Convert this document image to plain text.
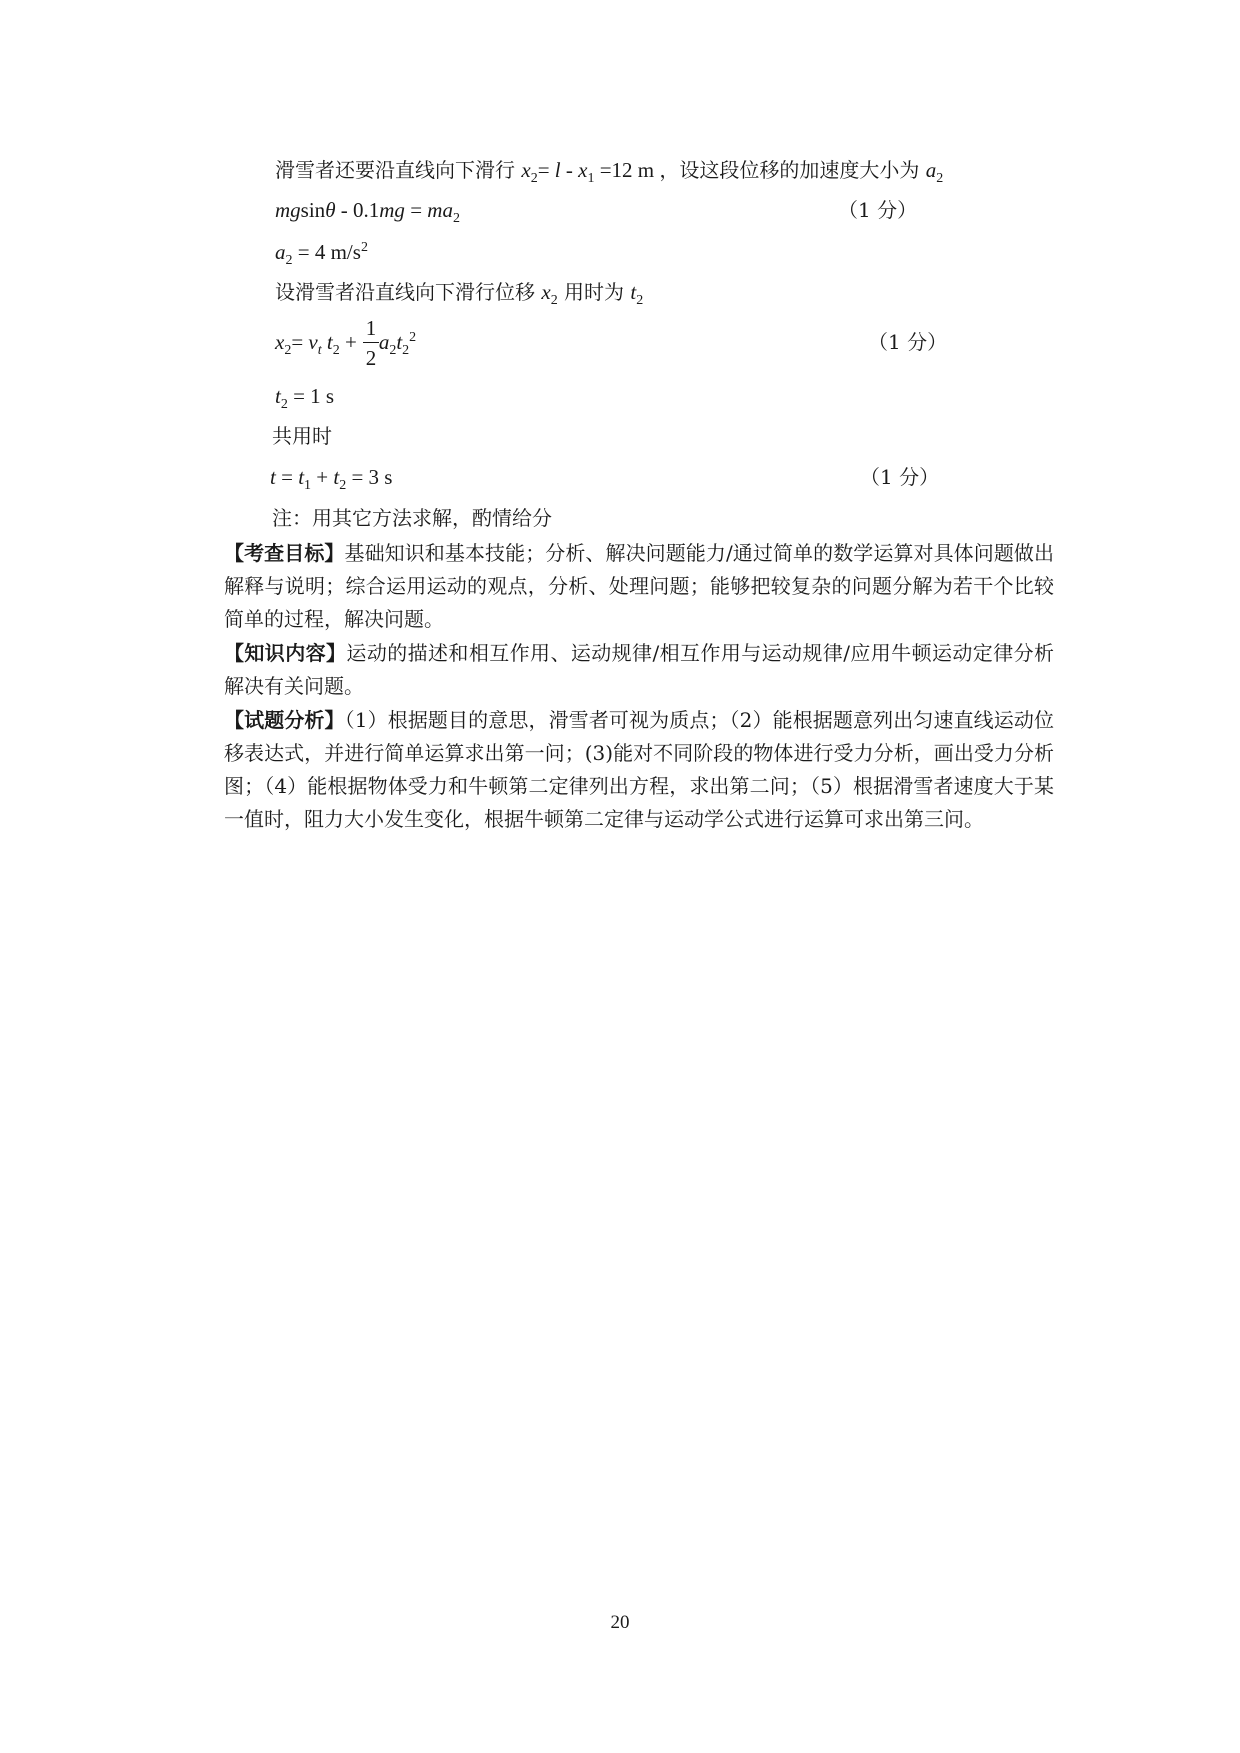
滑雪者还要沿直线向下滑行 $x_2= l - x_1 =12$ m ，设这段位移的加速度大小为 $a_2$
$mgsin\theta - 0.1mg = ma_2$	（1 分）
$a_2 = 4$ $m/s^2$
设滑雪者沿直线向下滑行位移 $x_2$ 用时为 $t_2$
$x_2= v_t$ $t_2 + a_2t_2^2$
1
2
（1 分）
$t_2 = 1$ s
共用时
$t = t_1 + t_2 = 3$ s	（1 分）
注：用其它方法求解，酌情给分
【考查目标】基础知识和基本技能；分析、解决问题能力/通过简单的数学运算对具体问题做出解释与说明；综合运用运动的观点，分析、处理问题；能够把较复杂的问题分解为若干个比较简单的过程，解决问题。
【知识内容】运动的描述和相互作用、运动规律/相互作用与运动规律/应用牛顿运动定律分析解决有关问题。
【试题分析】（1）根据题目的意思，滑雪者可视为质点；（2）能根据题意列出匀速直线运动位移表达式，并进行简单运算求出第一问；(3)能对不同阶段的物体进行受力分析，画出受力分析图；（4）能根据物体受力和牛顿第二定律列出方程，求出第二问；（5）根据滑雪者速度大于某一值时，阻力大小发生变化，根据牛顿第二定律与运动学公式进行运算可求出第三问。
20
